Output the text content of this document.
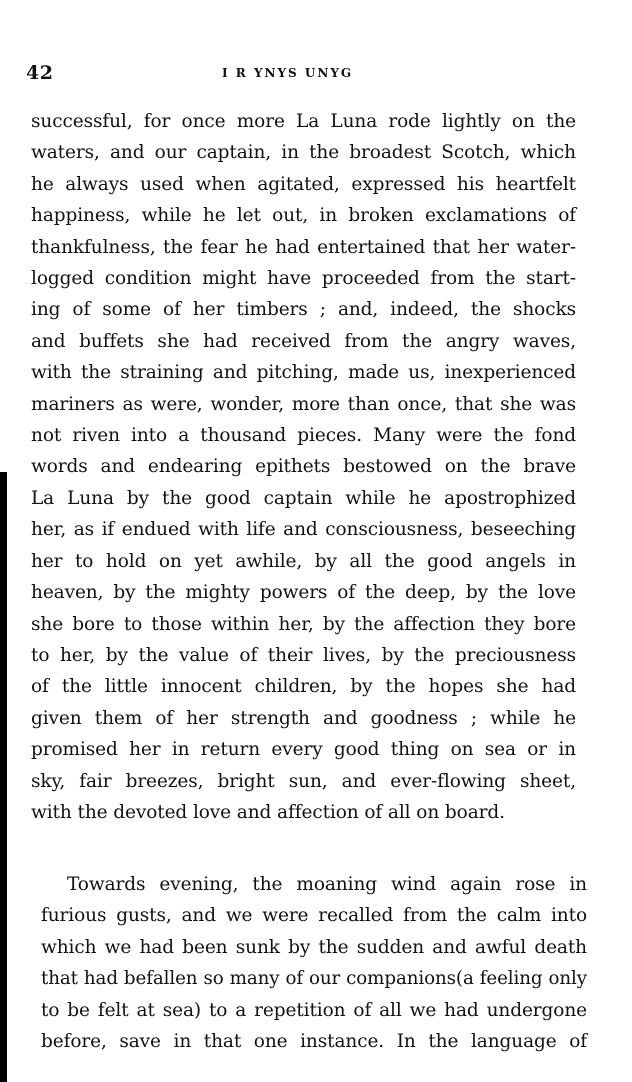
42	I R YNYS UNYG
successful, for once more La Luna rode lightly on the
waters, and our captain, in the broadest Scotch, which
he always used when agitated, expressed his heartfelt
happiness, while he let out, in broken exclamations of
thankfulness, the fear he had entertained that her water-
logged condition might have proceeded from the start-
ing of some of her timbers ; and, indeed, the shocks
and buffets she had received from the angry waves,
with the straining and pitching, made us, inexperienced
mariners as were, wonder, more than once, that she was
not riven into a thousand pieces. Many were the fond
words and endearing epithets bestowed on the brave
La Luna by the good captain while he apostrophized
her, as if endued with life and consciousness, beseeching
her to hold on yet awhile, by all the good angels in
heaven, by the mighty powers of the deep, by the love
she bore to those within her, by the affection they bore
to her, by the value of their lives, by the preciousness
of the little innocent children, by the hopes she had
given them of her strength and goodness ; while he
promised her in return every good thing on sea or in
sky, fair breezes, bright sun, and ever-flowing sheet,
with the devoted love and affection of all on board.
Towards evening, the moaning wind again rose in
furious gusts, and we were recalled from the calm into
which we had been sunk by the sudden and awful death
that had befallen so many of our companions(a feeling only
to be felt at sea) to a repetition of all we had undergone
before, save in that one instance. In the language of
